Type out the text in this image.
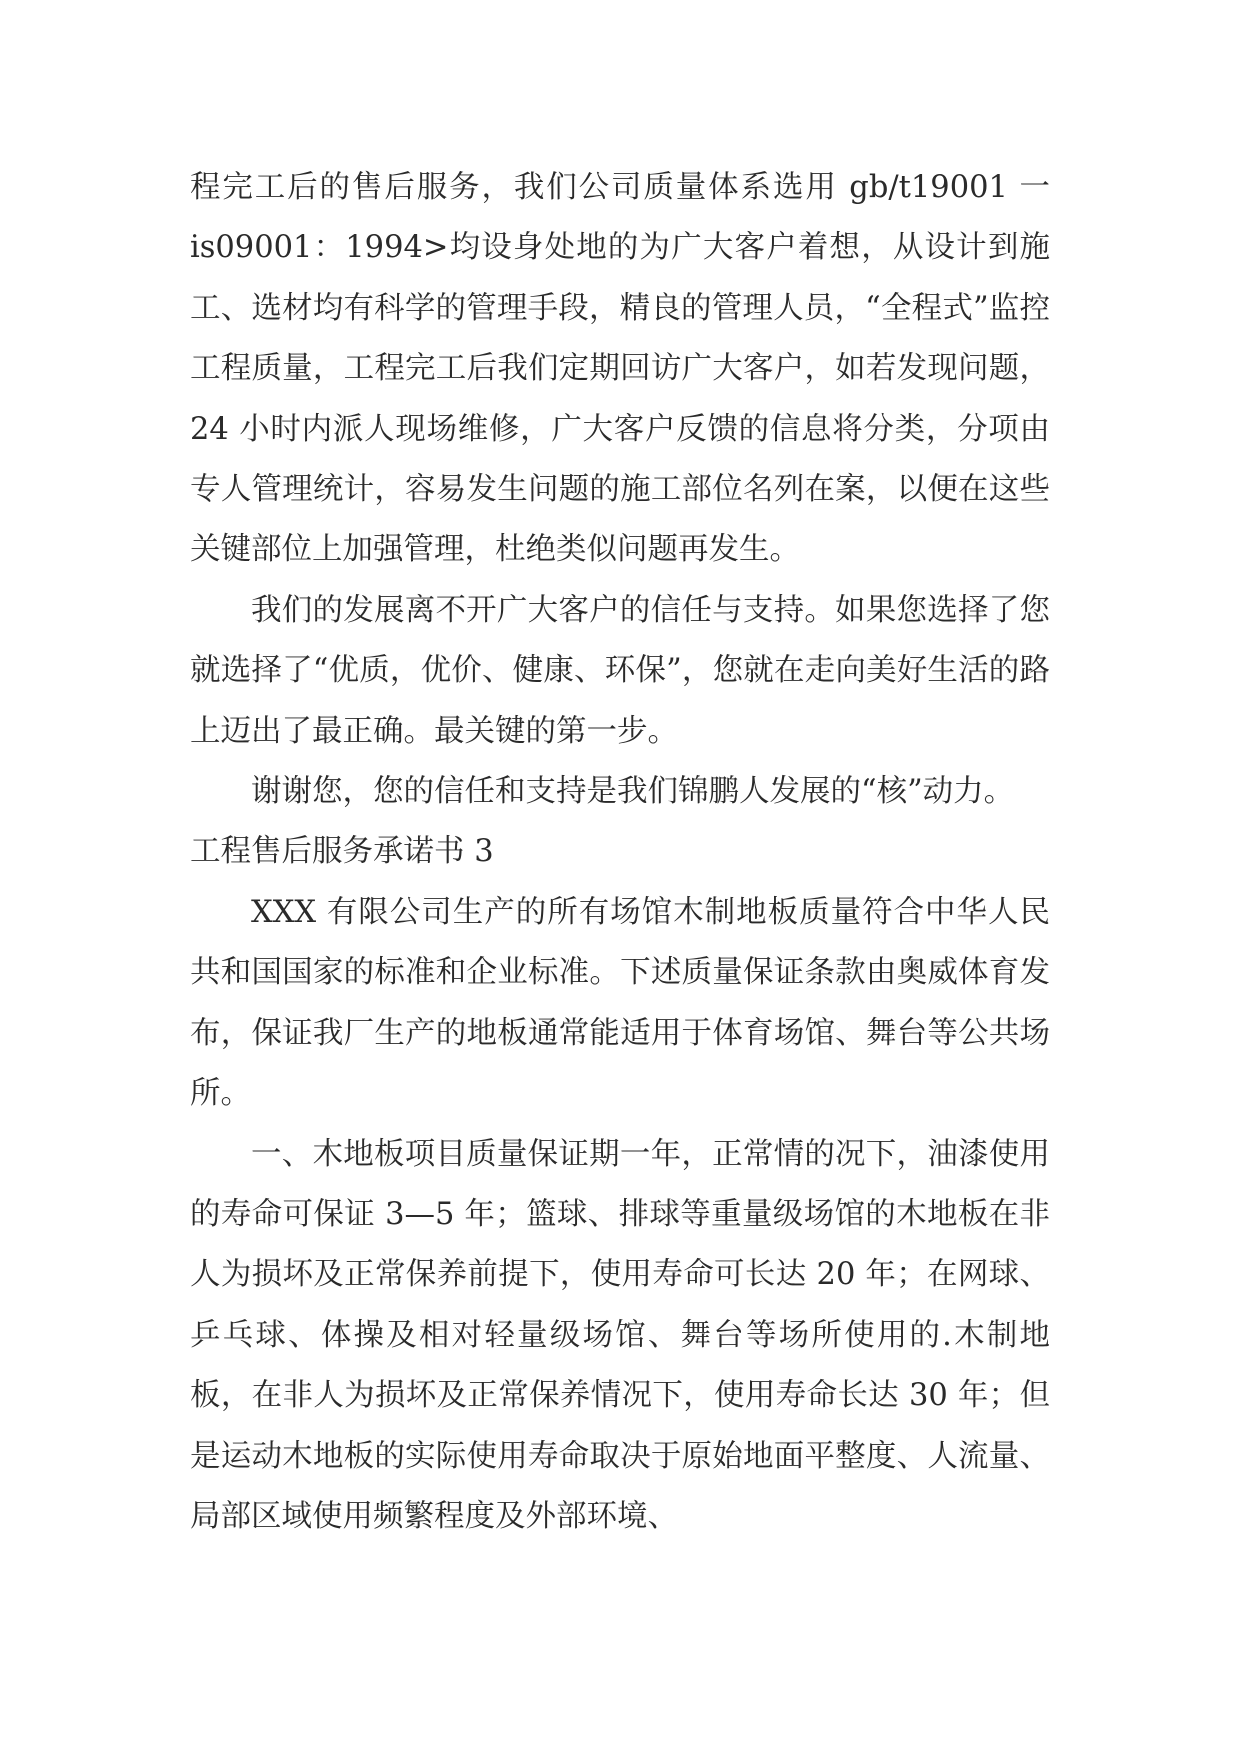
程完工后的售后服务，我们公司质量体系选用 gb/t19001 一 is09001：1994>均设身处地的为广大客户着想，从设计到施工、选材均有科学的管理手段，精良的管理人员，“全程式”监控工程质量，工程完工后我们定期回访广大客户，如若发现问题，24 小时内派人现场维修，广大客户反馈的信息将分类，分项由专人管理统计，容易发生问题的施工部位名列在案，以便在这些关键部位上加强管理，杜绝类似问题再发生。

我们的发展离不开广大客户的信任与支持。如果您选择了您就选择了“优质，优价、健康、环保”，您就在走向美好生活的路上迈出了最正确。最关键的第一步。

谢谢您，您的信任和支持是我们锦鹏人发展的“核”动力。

工程售后服务承诺书 3

XXX 有限公司生产的所有场馆木制地板质量符合中华人民共和国国家的标准和企业标准。下述质量保证条款由奥威体育发布，保证我厂生产的地板通常能适用于体育场馆、舞台等公共场所。

一、木地板项目质量保证期一年，正常情的况下，油漆使用的寿命可保证 3—5 年；篮球、排球等重量级场馆的木地板在非人为损坏及正常保养前提下，使用寿命可长达 20 年；在网球、乒乓球、体操及相对轻量级场馆、舞台等场所使用的.木制地板，在非人为损坏及正常保养情况下，使用寿命长达 30 年；但是运动木地板的实际使用寿命取决于原始地面平整度、人流量、局部区域使用频繁程度及外部环境、
